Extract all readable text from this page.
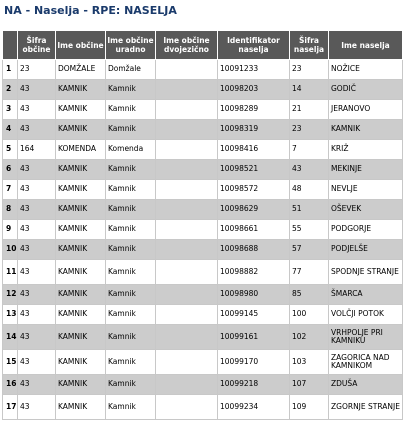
NA - Naselja - RPE: NASELJA
	Šifra občine	Ime občine	Ime občine uradno	Ime občine dvojezično	Identifikator naselja	Šifra naselja	Ime naselja
1	23	DOMŽALE	Domžale		10091233	23	NOŽICE
2	43	KAMNIK	Kamnik		10098203	14	GODIČ
3	43	KAMNIK	Kamnik		10098289	21	JERANOVO
4	43	KAMNIK	Kamnik		10098319	23	KAMNIK
5	164	KOMENDA	Komenda		10098416	7	KRIŽ
6	43	KAMNIK	Kamnik		10098521	43	MEKINJE
7	43	KAMNIK	Kamnik		10098572	48	NEVLJE
8	43	KAMNIK	Kamnik		10098629	51	OŠEVEK
9	43	KAMNIK	Kamnik		10098661	55	PODGORJE
10	43	KAMNIK	Kamnik		10098688	57	PODJELŠE
11	43	KAMNIK	Kamnik		10098882	77	SPODNJE STRANJE
12	43	KAMNIK	Kamnik		10098980	85	ŠMARCA
13	43	KAMNIK	Kamnik		10099145	100	VOLČJI POTOK
14	43	KAMNIK	Kamnik		10099161	102	VRHPOLJE PRI KAMNIKU
15	43	KAMNIK	Kamnik		10099170	103	ZAGORICA NAD KAMNIKOM
16	43	KAMNIK	Kamnik		10099218	107	ZDUŠA
17	43	KAMNIK	Kamnik		10099234	109	ZGORNJE STRANJE
